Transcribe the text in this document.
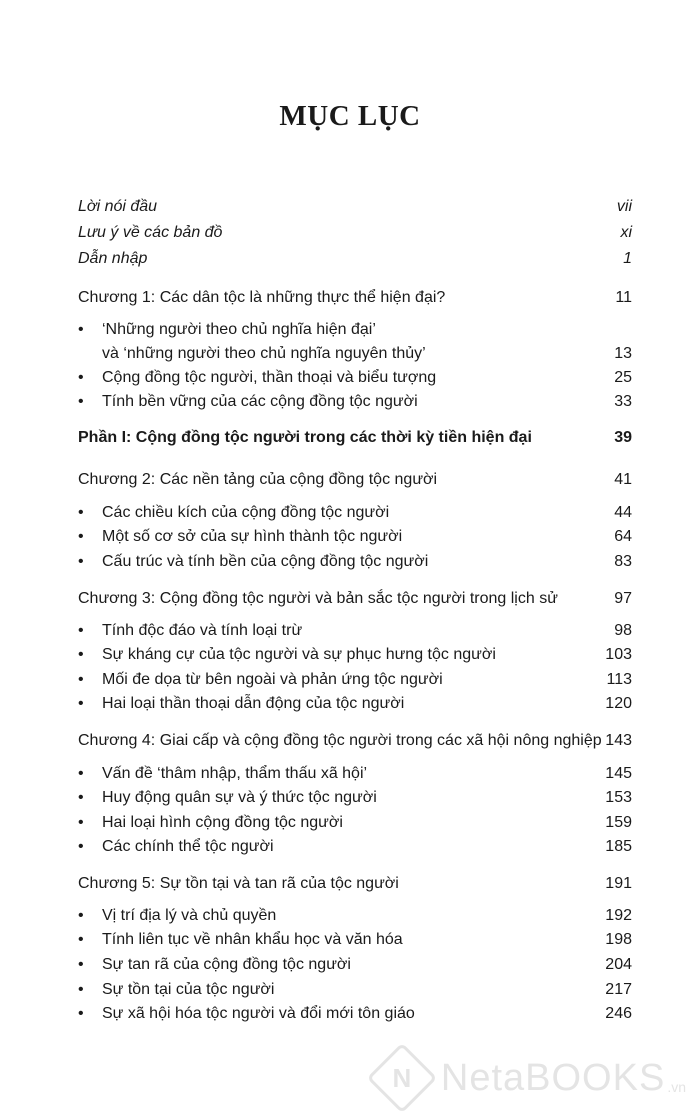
MỤC LỤC
Lời nói đầu	vii
Lưu ý về các bản đồ	xi
Dẫn nhập	1
Chương 1: Các dân tộc là những thực thể hiện đại?	11
• ‘Những người theo chủ nghĩa hiện đại’
và ‘những người theo chủ nghĩa nguyên thủy’	13
• Cộng đồng tộc người, thần thoại và biểu tượng	25
• Tính bền vững của các cộng đồng tộc người	33
Phần I: Cộng đồng tộc người trong các thời kỳ tiền hiện đại	39
Chương 2: Các nền tảng của cộng đồng tộc người	41
• Các chiều kích của cộng đồng tộc người	44
• Một số cơ sở của sự hình thành tộc người	64
• Cấu trúc và tính bền của cộng đồng tộc người	83
Chương 3: Cộng đồng tộc người và bản sắc tộc người trong lịch sử	97
• Tính độc đáo và tính loại trừ	98
• Sự kháng cự của tộc người và sự phục hưng tộc người	103
• Mối đe dọa từ bên ngoài và phản ứng tộc người	113
• Hai loại thần thoại dẫn động của tộc người	120
Chương 4: Giai cấp và cộng đồng tộc người trong các xã hội nông nghiệp 143
• Vấn đề ‘thâm nhập, thẩm thấu xã hội’	145
• Huy động quân sự và ý thức tộc người	153
• Hai loại hình cộng đồng tộc người	159
• Các chính thể tộc người	185
Chương 5: Sự tồn tại và tan rã của tộc người	191
• Vị trí địa lý và chủ quyền	192
• Tính liên tục về nhân khẩu học và văn hóa	198
• Sự tan rã của cộng đồng tộc người	204
• Sự tồn tại của tộc người	217
• Sự xã hội hóa tộc người và đổi mới tôn giáo	246
N NetaBOOKS .vn
